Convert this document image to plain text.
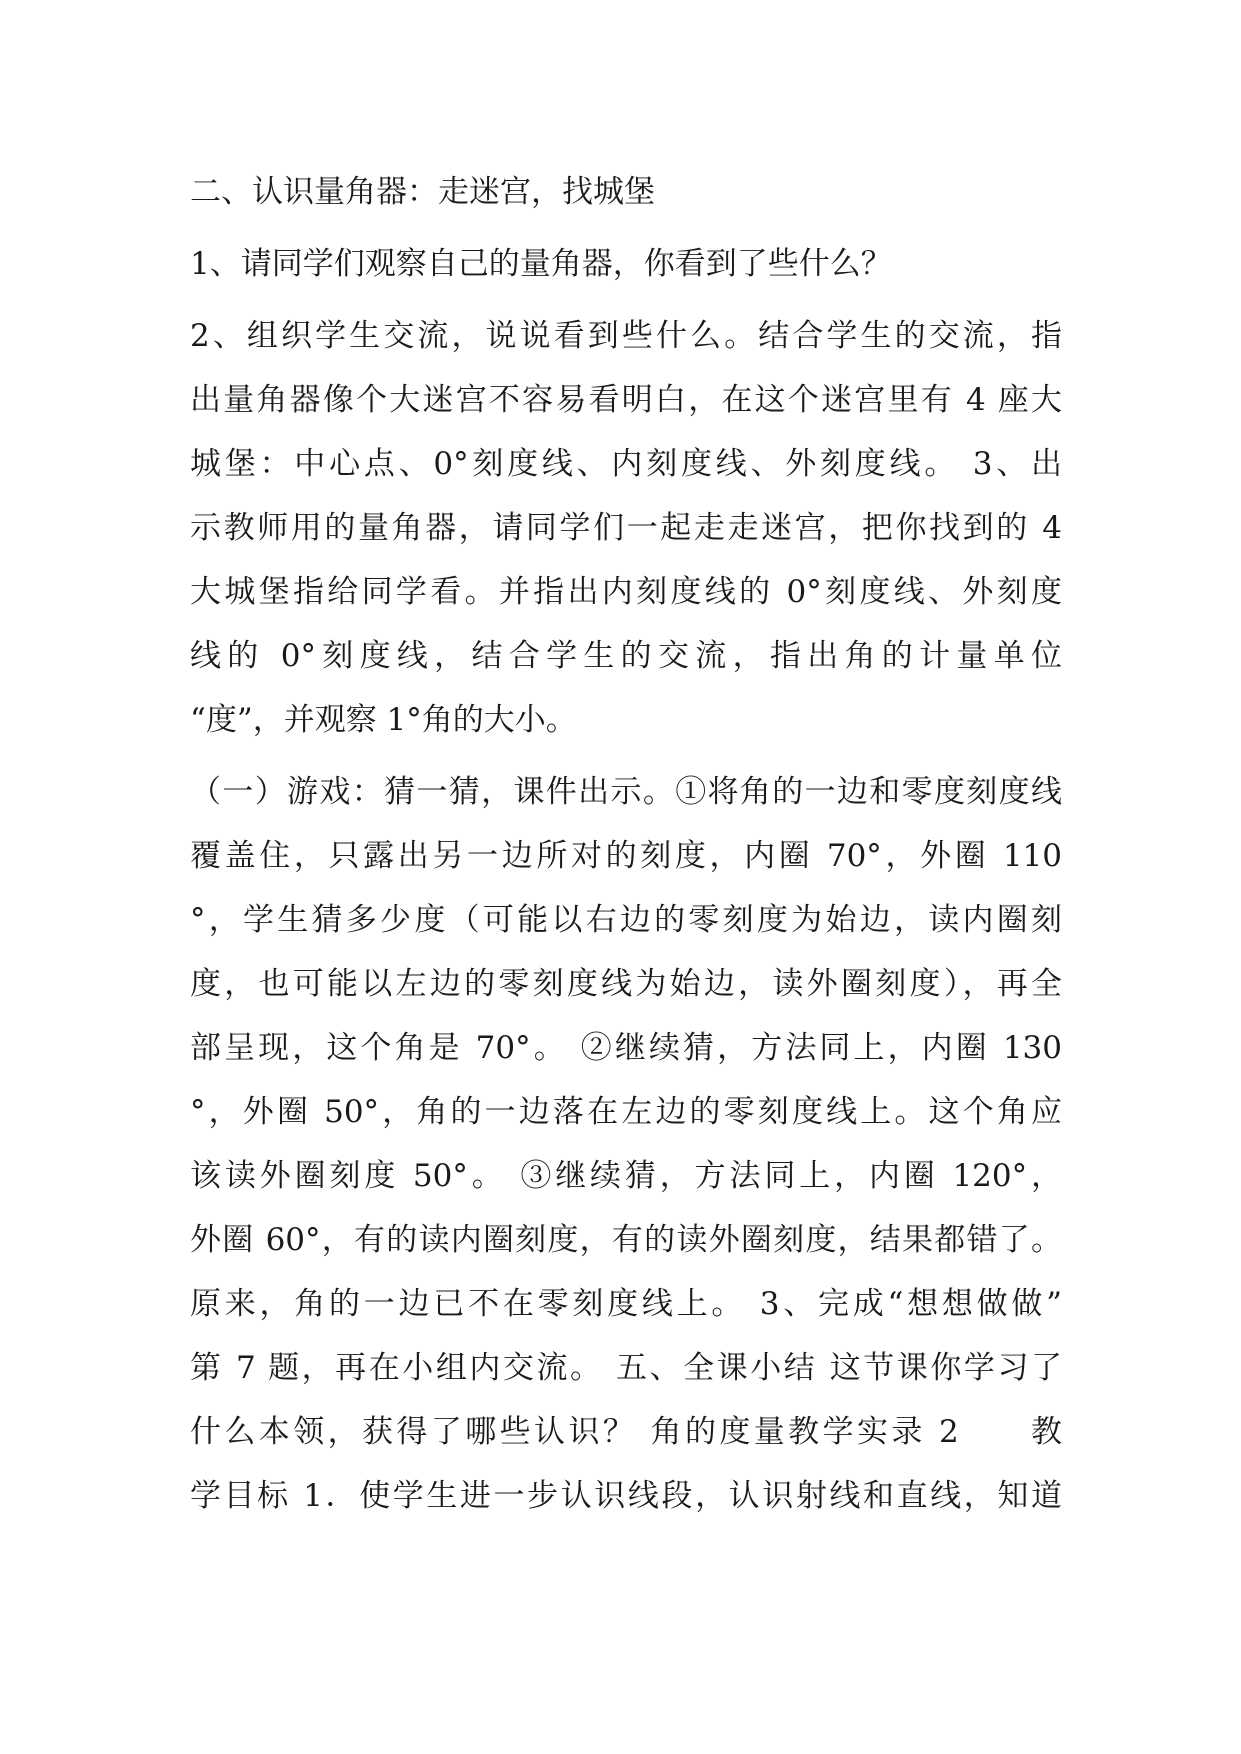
二、认识量角器：走迷宫，找城堡

1、请同学们观察自己的量角器，你看到了些什么？

2、组织学生交流，说说看到些什么。结合学生的交流，指
出量角器像个大迷宫不容易看明白，在这个迷宫里有 4 座大
城堡：中心点、0°刻度线、内刻度线、外刻度线。 3、出
示教师用的量角器，请同学们一起走走迷宫，把你找到的 4
大城堡指给同学看。并指出内刻度线的 0°刻度线、外刻度
线的 0°刻度线，结合学生的交流，指出角的计量单位
“度”，并观察 1°角的大小。

（一）游戏：猜一猜，课件出示。①将角的一边和零度刻度线
覆盖住，只露出另一边所对的刻度，内圈 70°，外圈 110
°，学生猜多少度（可能以右边的零刻度为始边，读内圈刻
度，也可能以左边的零刻度线为始边，读外圈刻度），再全
部呈现，这个角是 70°。 ②继续猜，方法同上，内圈 130
°，外圈 50°，角的一边落在左边的零刻度线上。这个角应
该读外圈刻度 50°。 ③继续猜，方法同上，内圈 120°，
外圈 60°，有的读内圈刻度，有的读外圈刻度，结果都错了。
原来，角的一边已不在零刻度线上。 3、完成“想想做做”
第 7 题，再在小组内交流。 五、全课小结 这节课你学习了
什么本领，获得了哪些认识？ 角的度量教学实录 2　　教
学目标 1．使学生进一步认识线段，认识射线和直线，知道
